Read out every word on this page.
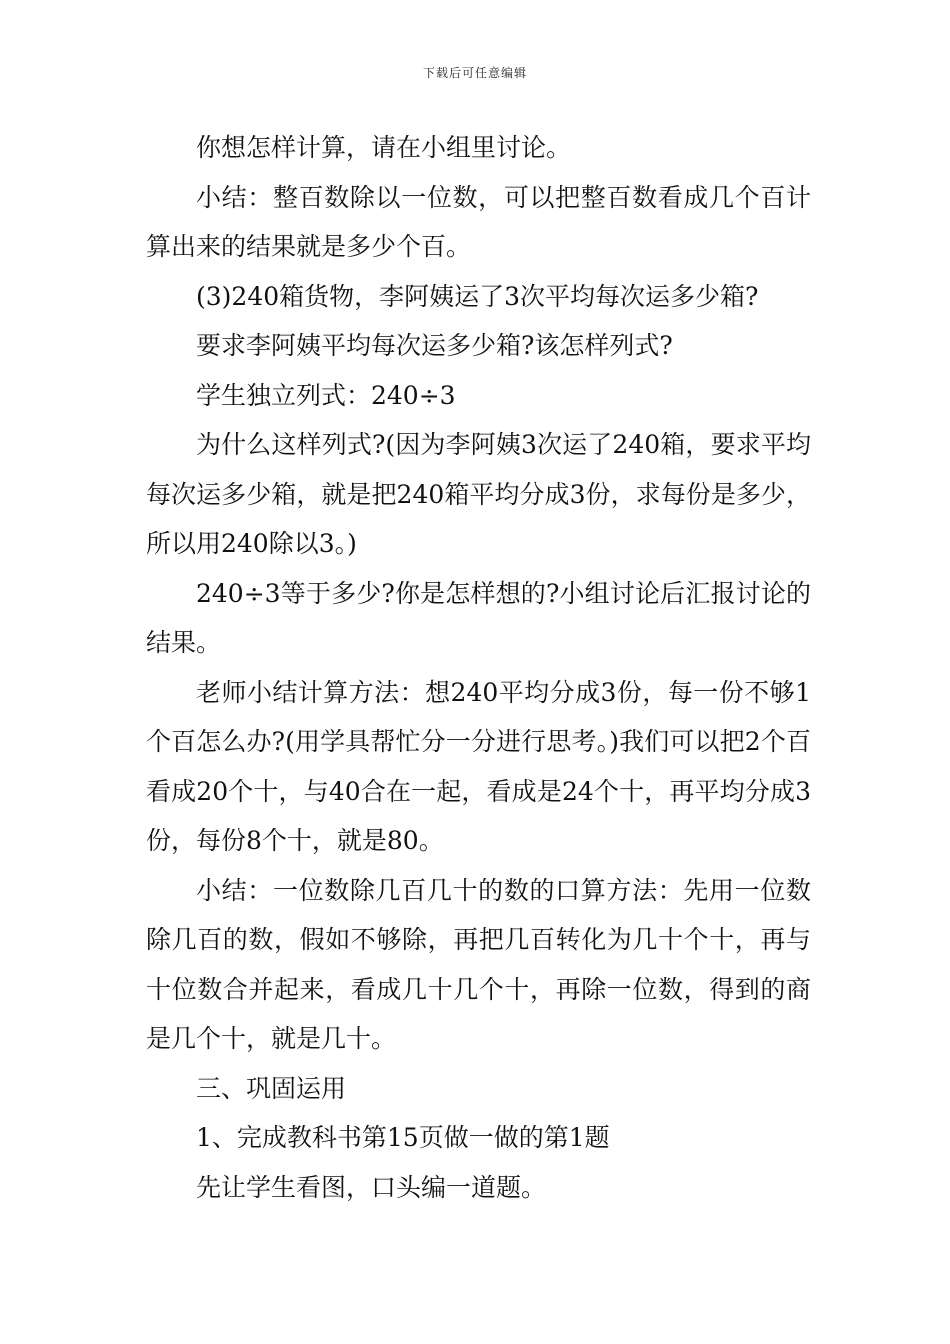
下载后可任意编辑

你想怎样计算，请在小组里讨论。

小结：整百数除以一位数，可以把整百数看成几个百计算出来的结果就是多少个百。

(3)240箱货物，李阿姨运了3次平均每次运多少箱?

要求李阿姨平均每次运多少箱?该怎样列式?

学生独立列式：240÷3

为什么这样列式?(因为李阿姨3次运了240箱，要求平均每次运多少箱，就是把240箱平均分成3份，求每份是多少，所以用240除以3。)

240÷3等于多少?你是怎样想的?小组讨论后汇报讨论的结果。

老师小结计算方法：想240平均分成3份，每一份不够1个百怎么办?(用学具帮忙分一分进行思考。)我们可以把2个百看成20个十，与40合在一起，看成是24个十，再平均分成3份，每份8个十，就是80。

小结：一位数除几百几十的数的口算方法：先用一位数除几百的数，假如不够除，再把几百转化为几十个十，再与十位数合并起来，看成几十几个十，再除一位数，得到的商是几个十，就是几十。

三、巩固运用

1、完成教科书第15页做一做的第1题

先让学生看图，口头编一道题。
